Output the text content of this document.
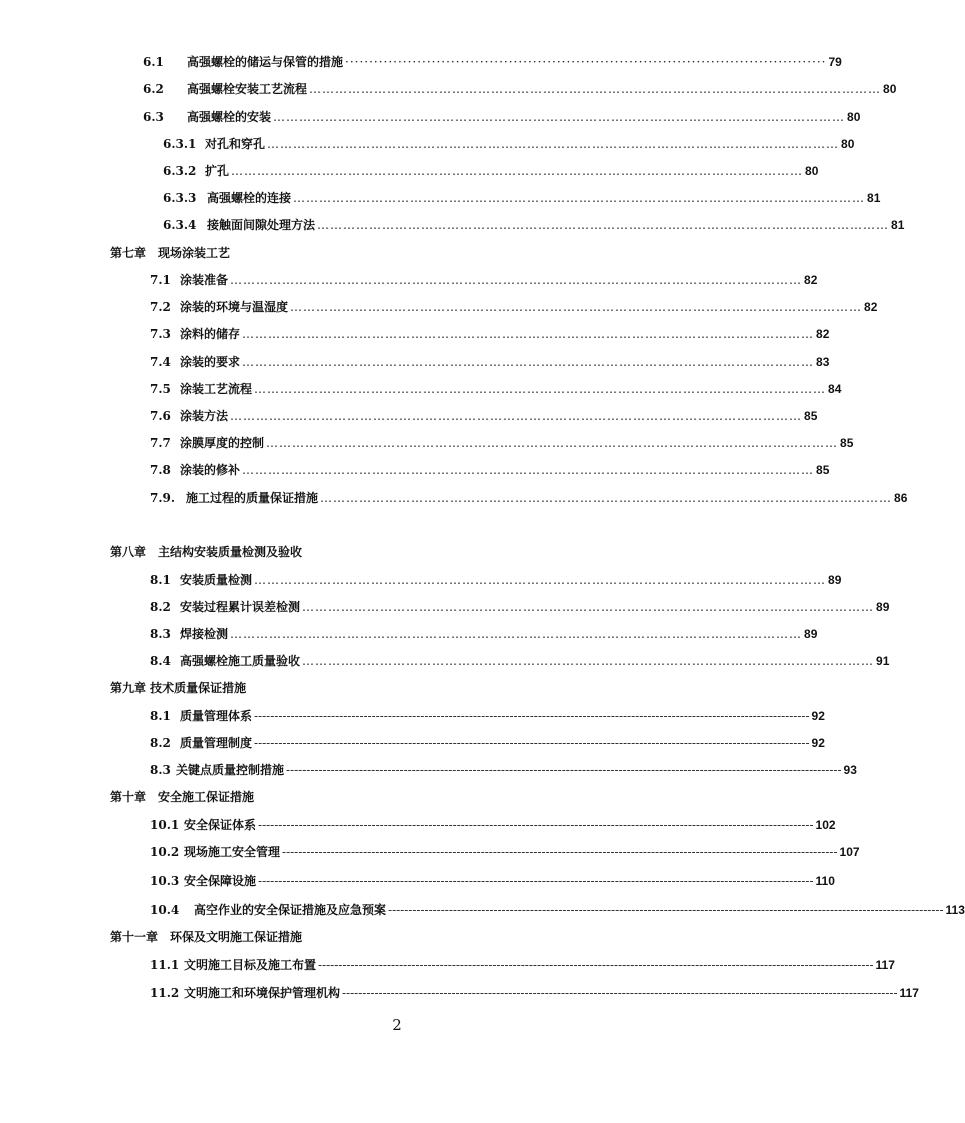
6.1	高强螺栓的储运与保管的措施 ···································································································· 79
6.2	高强螺栓安装工艺流程 …………………………………………………………………………………………………………………… 80
6.3	高强螺栓的安装 …………………………………………………………………………………………………………………… 80
6.3.1 对孔和穿孔 …………………………………………………………………………………………………………………… 80
6.3.2 扩孔 …………………………………………………………………………………………………………………… 80
6.3.3 高强螺栓的连接 …………………………………………………………………………………………………………………… 81
6.3.4 接触面间隙处理方法 …………………………………………………………………………………………………………………… 81
第七章　现场涂装工艺
7.1 涂装准备 …………………………………………………………………………………………………………………… 82
7.2 涂装的环境与温湿度 …………………………………………………………………………………………………………………… 82
7.3 涂料的储存 …………………………………………………………………………………………………………………… 82
7.4 涂装的要求 …………………………………………………………………………………………………………………… 83
7.5 涂装工艺流程 …………………………………………………………………………………………………………………… 84
7.6 涂装方法 …………………………………………………………………………………………………………………… 85
7.7 涂膜厚度的控制 …………………………………………………………………………………………………………………… 85
7.8 涂装的修补 …………………………………………………………………………………………………………………… 85
7.9. 施工过程的质量保证措施 …………………………………………………………………………………………………………………… 86
第八章　主结构安装质量检测及验收
8.1 安装质量检测 …………………………………………………………………………………………………………………… 89
8.2 安装过程累计误差检测 …………………………………………………………………………………………………………………… 89
8.3 焊接检测 …………………………………………………………………………………………………………………… 89
8.4 高强螺栓施工质量验收 …………………………………………………………………………………………………………………… 91
第九章 技术质量保证措施
8.1 质量管理体系 ----------------------------------------------------------------------------------------------------------------------------------------- 92
8.2 质量管理制度 ----------------------------------------------------------------------------------------------------------------------------------------- 92
8.3 关键点质量控制措施 ----------------------------------------------------------------------------------------------------------------------------------------- 93
第十章　安全施工保证措施
10.1 安全保证体系 ----------------------------------------------------------------------------------------------------------------------------------------- 102
10.2 现场施工安全管理 ----------------------------------------------------------------------------------------------------------------------------------------- 107
10.3 安全保障设施 ----------------------------------------------------------------------------------------------------------------------------------------- 110
10.4	高空作业的安全保证措施及应急预案 ----------------------------------------------------------------------------------------------------------------------------------------- 113
第十一章　环保及文明施工保证措施
11.1 文明施工目标及施工布置 ----------------------------------------------------------------------------------------------------------------------------------------- 117
11.2 文明施工和环境保护管理机构 ----------------------------------------------------------------------------------------------------------------------------------------- 117
2
